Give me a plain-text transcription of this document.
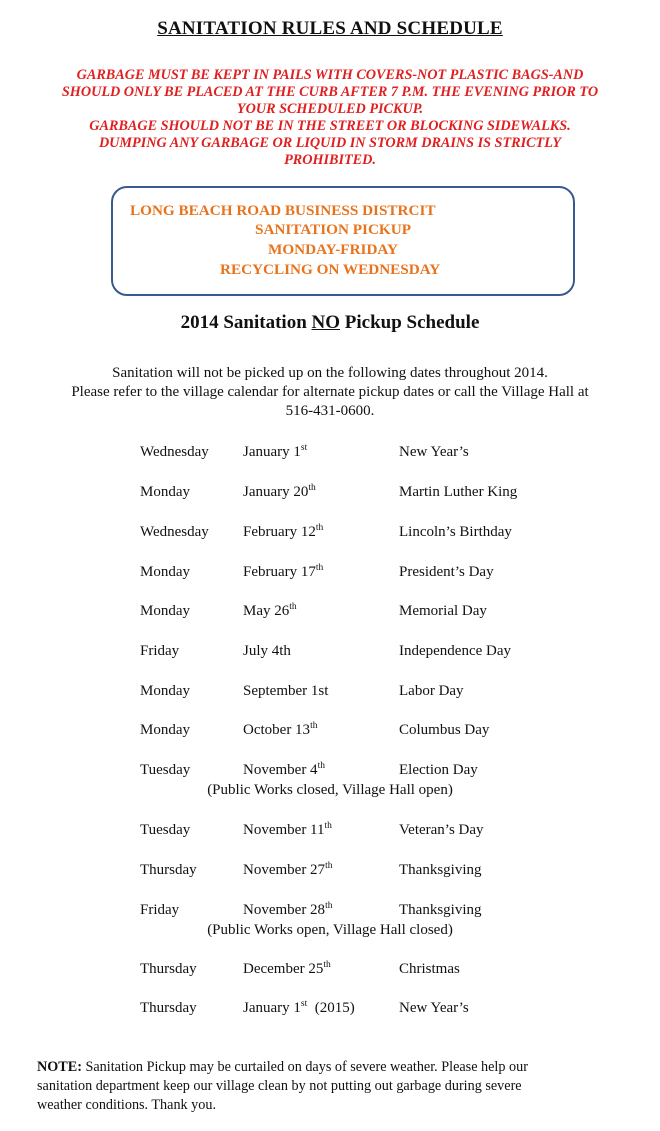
SANITATION RULES AND SCHEDULE
GARBAGE MUST BE KEPT IN PAILS WITH COVERS-NOT PLASTIC BAGS-AND
SHOULD ONLY BE PLACED AT THE CURB AFTER 7 P.M. THE EVENING PRIOR TO
YOUR SCHEDULED PICKUP.
GARBAGE SHOULD NOT BE IN THE STREET OR BLOCKING SIDEWALKS.
DUMPING ANY GARBAGE OR LIQUID IN STORM DRAINS IS STRICTLY
PROHIBITED.
LONG BEACH ROAD BUSINESS DISTRCIT
SANITATION PICKUP
MONDAY-FRIDAY
RECYCLING ON WEDNESDAY
2014 Sanitation NO Pickup Schedule
Sanitation will not be picked up on the following dates throughout 2014.
Please refer to the village calendar for alternate pickup dates or call the Village Hall at
516-431-0600.
Wednesday January 1st	New Year’s
Monday	January 20th	Martin Luther King
Wednesday February 12th	Lincoln’s Birthday
Monday	February 17th	President’s Day
Monday	May 26th	Memorial Day
Friday	July 4th	Independence Day
Monday	September 1st	Labor Day
Monday	October 13th	Columbus Day
Tuesday	November 4th	Election Day
(Public Works closed, Village Hall open)
Tuesday	November 11th	Veteran’s Day
Thursday	November 27th	Thanksgiving
Friday	November 28th	Thanksgiving
(Public Works open, Village Hall closed)
Thursday	December 25th	Christmas
Thursday	January 1st (2015)	New Year’s
NOTE: Sanitation Pickup may be curtailed on days of severe weather. Please help our
sanitation department keep our village clean by not putting out garbage during severe
weather conditions. Thank you.
